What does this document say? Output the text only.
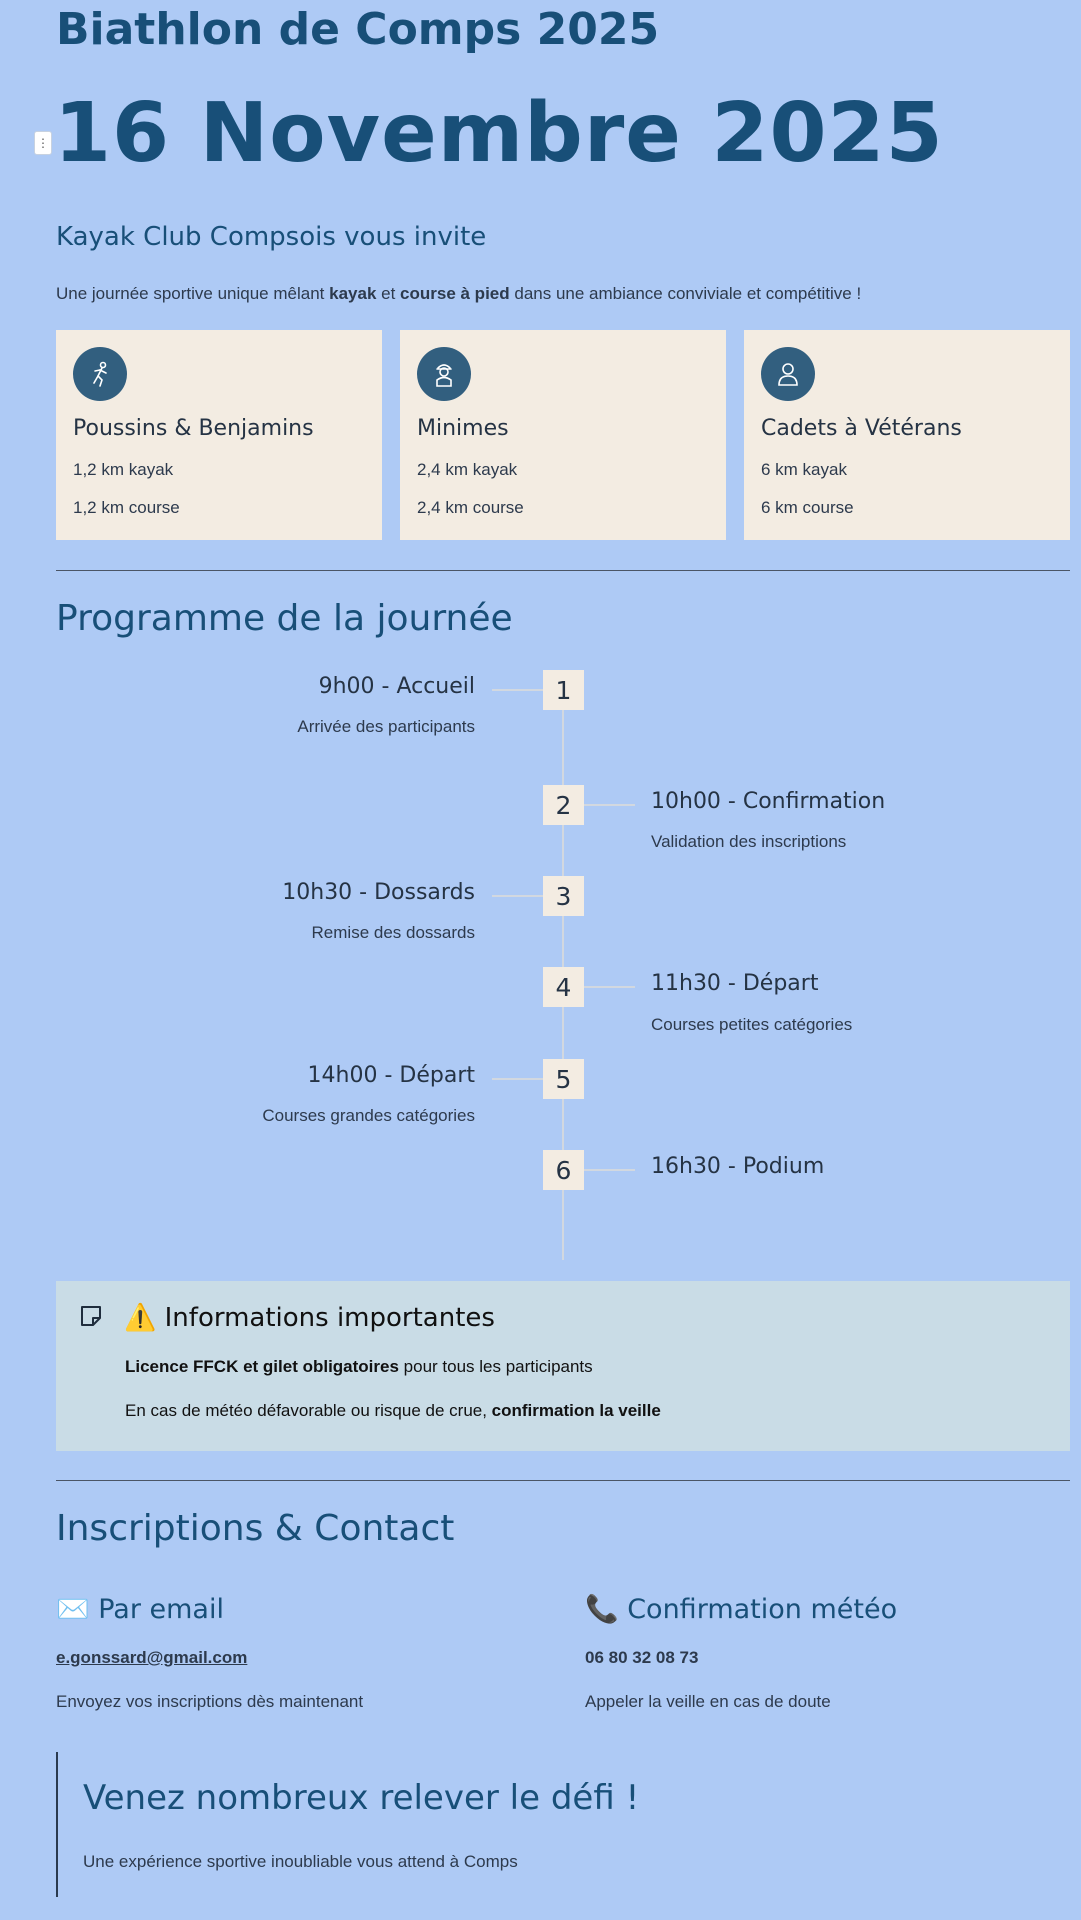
Biathlon de Comps 2025
⋮ 16 Novembre 2025
Kayak Club Compsois vous invite
Une journée sportive unique mêlant kayak et course à pied dans une ambiance conviviale et compétitive !
Poussins & Benjamins
1,2 km kayak
1,2 km course
Minimes
2,4 km kayak
2,4 km course
Cadets à Vétérans
6 km kayak
6 km course
Programme de la journée
1
9h00 - Accueil
Arrivée des participants
2	10h00 - Confirmation
Validation des inscriptions
3
10h30 - Dossards
Remise des dossards
4	11h30 - Départ
Courses petites catégories
5
14h00 - Départ
Courses grandes catégories
6	16h30 - Podium
⚠️ Informations importantes
Licence FFCK et gilet obligatoires pour tous les participants
En cas de météo défavorable ou risque de crue, confirmation la veille
Inscriptions & Contact
✉️ Par email
e.gonssard@gmail.com
Envoyez vos inscriptions dès maintenant
📞 Confirmation météo
06 80 32 08 73
Appeler la veille en cas de doute
Venez nombreux relever le défi !
Une expérience sportive inoubliable vous attend à Comps
